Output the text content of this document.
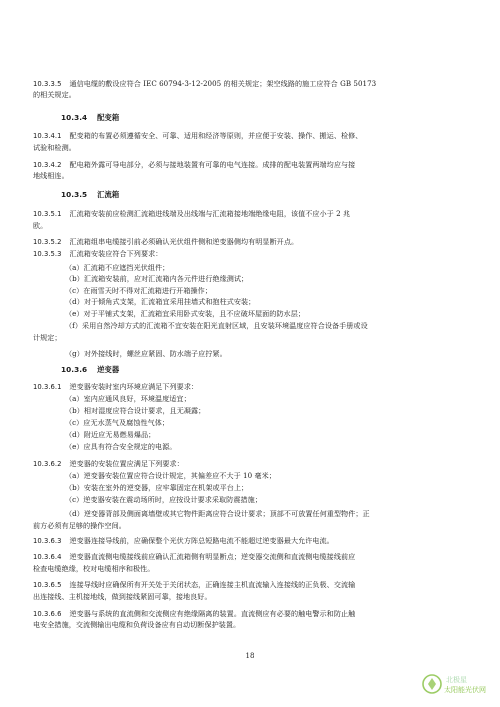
10.3.3.5 通信电缆的敷设应符合 IEC 60794-3-12-2005 的相关规定；架空线路的施工应符合 GB 50173
的相关规定。
10.3.4 配变箱
10.3.4.1 配变箱的布置必须遵循安全、可靠、适用和经济等原则，并应便于安装、操作、搬运、检修、
试验和检测。
10.3.4.2 配电箱外露可导电部分，必须与接地装置有可靠的电气连接。成排的配电装置两端均应与接
地线相连。
10.3.5 汇流箱
10.3.5.1 汇流箱安装前应检测汇流箱进线端及出线端与汇流箱接地端绝缘电阻，该值不应小于 2 兆
欧。
10.3.5.2 汇流箱组串电缆接引前必须确认光伏组件侧和逆变器侧均有明显断开点。
10.3.5.3 汇流箱安装应符合下列要求：
（a）汇流箱不应遮挡光伏组件；
（b）汇流箱安装前，应对汇流箱内各元件进行绝缘测试；
（c）在雨雪天时不得对汇流箱进行开箱操作；
（d）对于倾角式支架，汇流箱宜采用挂墙式和抱柱式安装；
（e）对于平铺式支架，汇流箱宜采用卧式安装，且不应破坏屋面的防水层；
（f）采用自然冷却方式的汇流箱不宜安装在阳光直射区域，且安装环境温度应符合设备手册或设
计规定；
（g）对外接线时，螺丝应紧固、防水端子应拧紧。
10.3.6 逆变器
10.3.6.1 逆变器安装时室内环境应满足下列要求：
（a）室内应通风良好，环境温度适宜；
（b）相对湿度应符合设计要求，且无凝露；
（c）应无水蒸气及腐蚀性气体；
（d）附近应无易燃易爆品；
（e）应具有符合安全规定的电源。
10.3.6.2 逆变器的安装位置应满足下列要求：
（a）逆变器安装位置应符合设计规定，其偏差应不大于 10 毫米；
（b）安装在室外的逆变器，应牢靠固定在机架或平台上；
（c）逆变器安装在震动场所时，应按设计要求采取防震措施；
（d）逆变器背部及侧面离墙壁或其它物件距离应符合设计要求；顶部不可放置任何重型物件；正
前方必须有足够的操作空间。
10.3.6.3 逆变器连接导线前，应确保整个光伏方阵总短路电流不能超过逆变器最大允许电流。
10.3.6.4 逆变器直流侧电缆接线前应确认汇流箱侧有明显断点；逆变器交流侧和直流侧电缆接线前应
检查电缆绝缘，校对电缆相序和极性。
10.3.6.5 连接导线时应确保所有开关处于关闭状态，正确连接主机直流输入连接线的正负极、交流输
出连接线、主机接地线，做到接线紧固可靠，接地良好。
10.3.6.6 逆变器与系统的直流侧和交流侧应有绝缘隔离的装置。直流侧应有必要的触电警示和防止触
电安全措施，交流侧输出电缆和负荷设备应有自动切断保护装置。
18
北极星
太阳能光伏网
